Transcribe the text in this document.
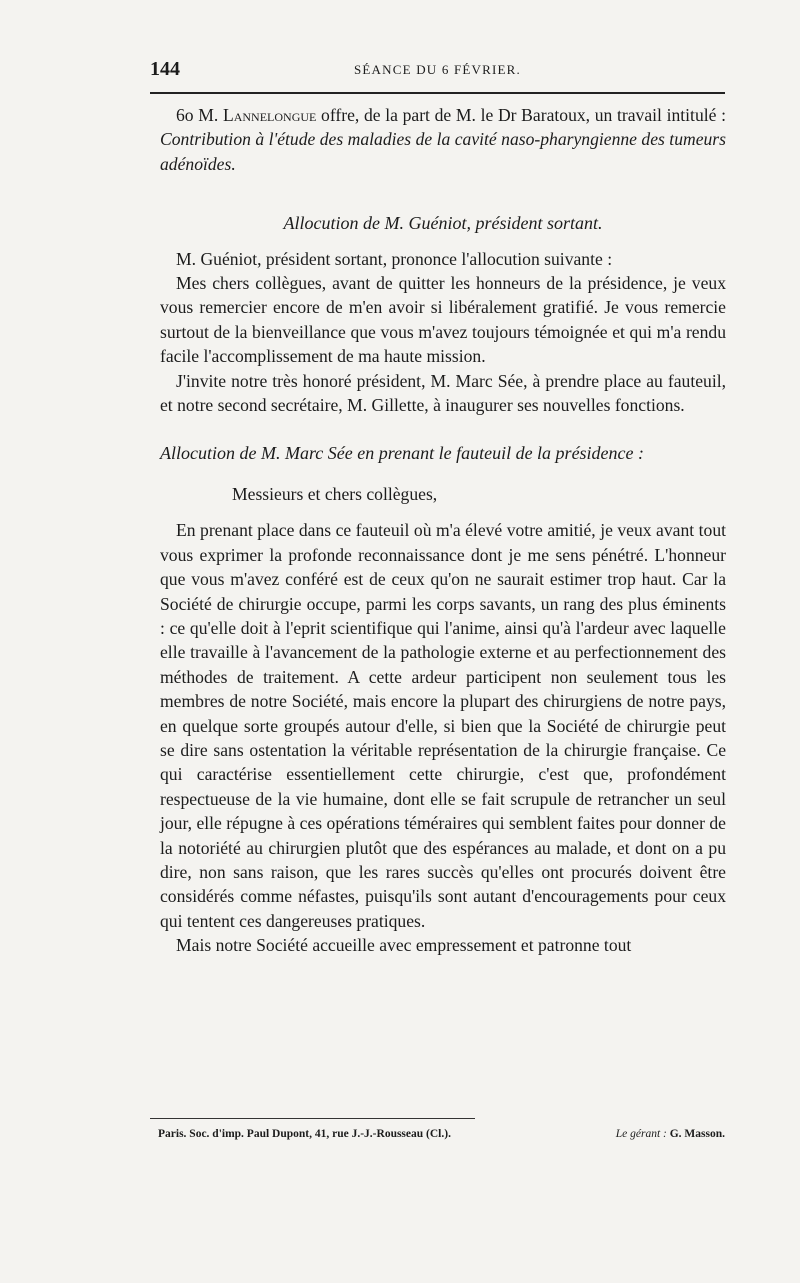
144	SÉANCE DU 6 FÉVRIER.

6o M. Lannelongue offre, de la part de M. le Dr Baratoux, un travail intitulé : Contribution à l'étude des maladies de la cavité naso-pharyngienne des tumeurs adénoïdes.

Allocution de M. Guéniot, président sortant.

M. Guéniot, président sortant, prononce l'allocution suivante :

Mes chers collègues, avant de quitter les honneurs de la présidence, je veux vous remercier encore de m'en avoir si libéralement gratifié. Je vous remercie surtout de la bienveillance que vous m'avez toujours témoignée et qui m'a rendu facile l'accomplissement de ma haute mission.

J'invite notre très honoré président, M. Marc Sée, à prendre place au fauteuil, et notre second secrétaire, M. Gillette, à inaugurer ses nouvelles fonctions.

Allocution de M. Marc Sée en prenant le fauteuil de la présidence :

Messieurs et chers collègues,

En prenant place dans ce fauteuil où m'a élevé votre amitié, je veux avant tout vous exprimer la profonde reconnaissance dont je me sens pénétré. L'honneur que vous m'avez conféré est de ceux qu'on ne saurait estimer trop haut. Car la Société de chirurgie occupe, parmi les corps savants, un rang des plus éminents : ce qu'elle doit à l'eprit scientifique qui l'anime, ainsi qu'à l'ardeur avec laquelle elle travaille à l'avancement de la pathologie externe et au perfectionnement des méthodes de traitement. A cette ardeur participent non seulement tous les membres de notre Société, mais encore la plupart des chirurgiens de notre pays, en quelque sorte groupés autour d'elle, si bien que la Société de chirurgie peut se dire sans ostentation la véritable représentation de la chirurgie française. Ce qui caractérise essentiellement cette chirurgie, c'est que, profondément respectueuse de la vie humaine, dont elle se fait scrupule de retrancher un seul jour, elle répugne à ces opérations téméraires qui semblent faites pour donner de la notoriété au chirurgien plutôt que des espérances au malade, et dont on a pu dire, non sans raison, que les rares succès qu'elles ont procurés doivent être considérés comme néfastes, puisqu'ils sont autant d'encouragements pour ceux qui tentent ces dangereuses pratiques.

Mais notre Société accueille avec empressement et patronne tout

Paris. Soc. d'imp. Paul Dupont, 41, rue J.-J.-Rousseau (Cl.).	Le gérant : G. Masson.
